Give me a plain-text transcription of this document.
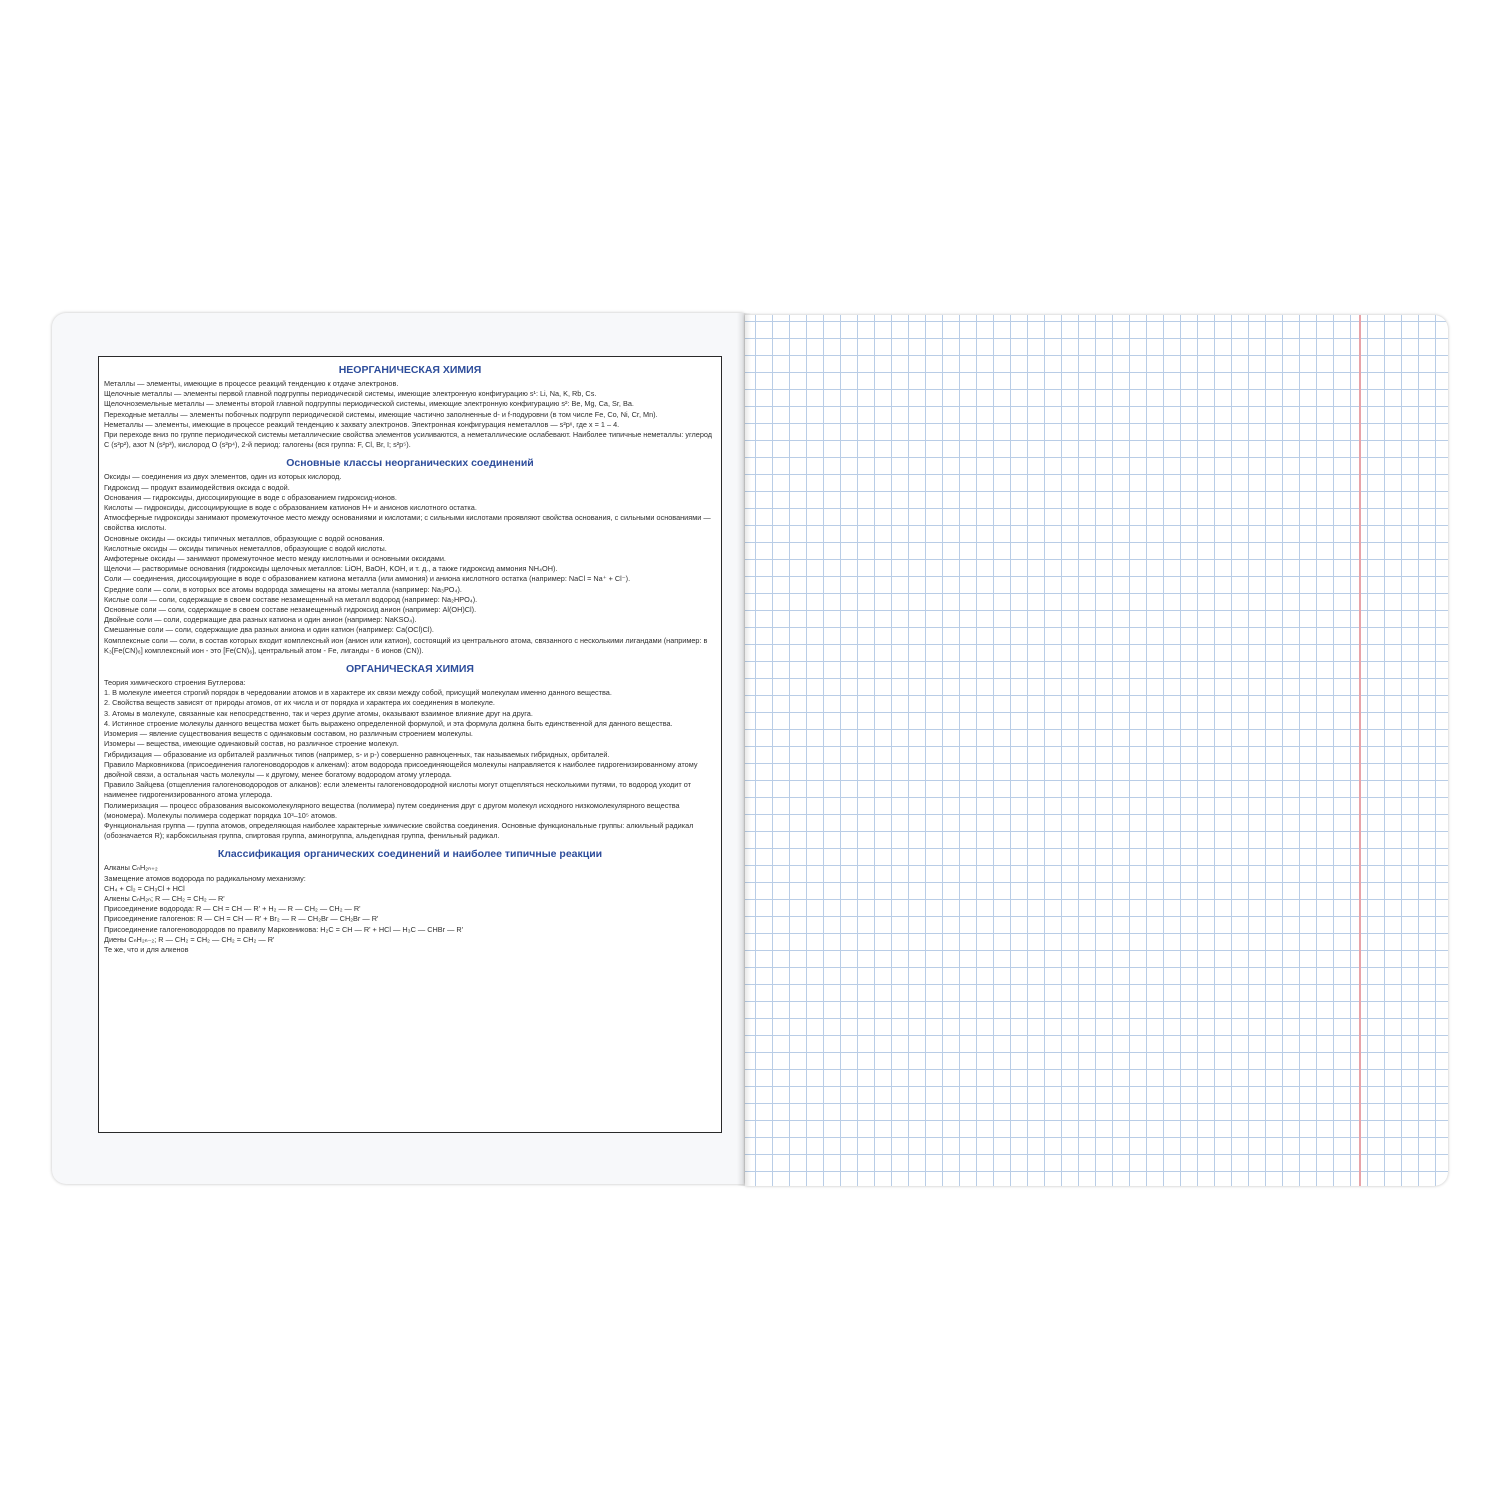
НЕОРГАНИЧЕСКАЯ ХИМИЯ
Металлы — элементы, имеющие в процессе реакций тенденцию к отдаче электронов.
Щелочные металлы — элементы первой главной подгруппы периодической системы, имеющие электронную конфигурацию s¹: Li, Na, K, Rb, Cs.
Щелочноземельные металлы — элементы второй главной подгруппы периодической системы, имеющие электронную конфигурацию s²: Be, Mg, Ca, Sr, Ba.
Переходные металлы — элементы побочных подгрупп периодической системы, имеющие частично заполненные d- и f-подуровни (в том числе Fe, Co, Ni, Cr, Mn).
Неметаллы — элементы, имеющие в процессе реакций тенденцию к захвату электронов. Электронная конфигурация неметаллов — s²pˣ, где x = 1 – 4.
При переходе вниз по группе периодической системы металлические свойства элементов усиливаются, а неметаллические ослабевают. Наиболее типичные неметаллы: углерод C (s²p²), азот N (s²p³), кислород O (s²p⁴), 2-й период: галогены (вся группа: F, Cl, Br, I; s²p⁵).
Основные классы неорганических соединений
Оксиды — соединения из двух элементов, один из которых кислород.
Гидроксид — продукт взаимодействия оксида с водой.
Основания — гидроксиды, диссоциирующие в воде с образованием гидроксид-ионов.
Кислоты — гидроксиды, диссоциирующие в воде с образованием катионов H+ и анионов кислотного остатка.
Атмосферные гидроксиды занимают промежуточное место между основаниями и кислотами; с сильными кислотами проявляют свойства основания, с сильными основаниями — свойства кислоты.
Основные оксиды — оксиды типичных металлов, образующие с водой основания.
Кислотные оксиды — оксиды типичных неметаллов, образующие с водой кислоты.
Амфотерные оксиды — занимают промежуточное место между кислотными и основными оксидами.
Щелочи — растворимые основания (гидроксиды щелочных металлов: LiOH, BaOH, KOH, и т. д., а также гидроксид аммония NH₄OH).
Соли — соединения, диссоциирующие в воде с образованием катиона металла (или аммония) и аниона кислотного остатка (например: NaCl = Na⁺ + Cl⁻).
Средние соли — соли, в которых все атомы водорода замещены на атомы металла (например: Na₃PO₄).
Кислые соли — соли, содержащие в своем составе незамещенный на металл водород (например: Na₂HPO₄).
Основные соли — соли, содержащие в своем составе незамещенный гидроксид анион (например: Al(OH)Cl).
Двойные соли — соли, содержащие два разных катиона и один анион (например: NaKSO₄).
Смешанные соли — соли, содержащие два разных аниона и один катион (например: Ca(OCl)Cl).
Комплексные соли — соли, в состав которых входит комплексный ион (анион или катион), состоящий из центрального атома, связанного с несколькими лигандами (например: в K₃[Fe(CN)₆] комплексный ион - это [Fe(CN)₆], центральный атом - Fe, лиганды - 6 ионов (CN)).
ОРГАНИЧЕСКАЯ ХИМИЯ
Теория химического строения Бутлерова:
1. В молекуле имеется строгий порядок в чередовании атомов и в характере их связи между собой, присущий молекулам именно данного вещества.
2. Свойства веществ зависят от природы атомов, от их числа и от порядка и характера их соединения в молекуле.
3. Атомы в молекуле, связанные как непосредственно, так и через другие атомы, оказывают взаимное влияние друг на друга.
4. Истинное строение молекулы данного вещества может быть выражено определенной формулой, и эта формула должна быть единственной для данного вещества.
Изомерия — явление существования веществ с одинаковым составом, но различным строением молекулы.
Изомеры — вещества, имеющие одинаковый состав, но различное строение молекул.
Гибридизация — образование из орбиталей различных типов (например, s- и p-) совершенно равноценных, так называемых гибридных, орбиталей.
Правило Марковникова (присоединения галогеноводородов к алкенам): атом водорода присоединяющейся молекулы направляется к наиболее гидрогенизированному атому двойной связи, а остальная часть молекулы — к другому, менее богатому водородом атому углерода.
Правило Зайцева (отщепления галогеноводородов от алканов): если элементы галогеноводородной кислоты могут отщепляться несколькими путями, то водород уходит от наименее гидрогенизированного атома углерода.
Полимеризация — процесс образования высокомолекулярного вещества (полимера) путем соединения друг с другом молекул исходного низкомолекулярного вещества (мономера). Молекулы полимера содержат порядка 10³–10⁵ атомов.
Функциональная группа — группа атомов, определяющая наиболее характерные химические свойства соединения. Основные функциональные группы: алкильный радикал (обозначается R); карбоксильная группа, спиртовая группа, аминогруппа, альдегидная группа, фенильный радикал.
Классификация органических соединений и наиболее типичные реакции
Алканы CₙH₂ₙ₊₂
Замещение атомов водорода по радикальному механизму:
CH₄ + Cl₂ = CH₃Cl + HCl
Алкены CₙH₂ₙ; R — CH₂ = CH₂ — R'
Присоединение водорода: R — CH = CH — R' + H₂ — R — CH₂ — CH₂ — R'
Присоединение галогенов: R — CH = CH — R' + Br₂ — R — CH₂Br — CH₂Br — R'
Присоединение галогеноводородов по правилу Марковникова: H₂C = CH — R' + HCl — H₃C — CHBr — R'
Диены CₙH₂ₙ₋₂; R — CH₂ = CH₂ — CH₂ = CH₂ — R'
Те же, что и для алкенов
